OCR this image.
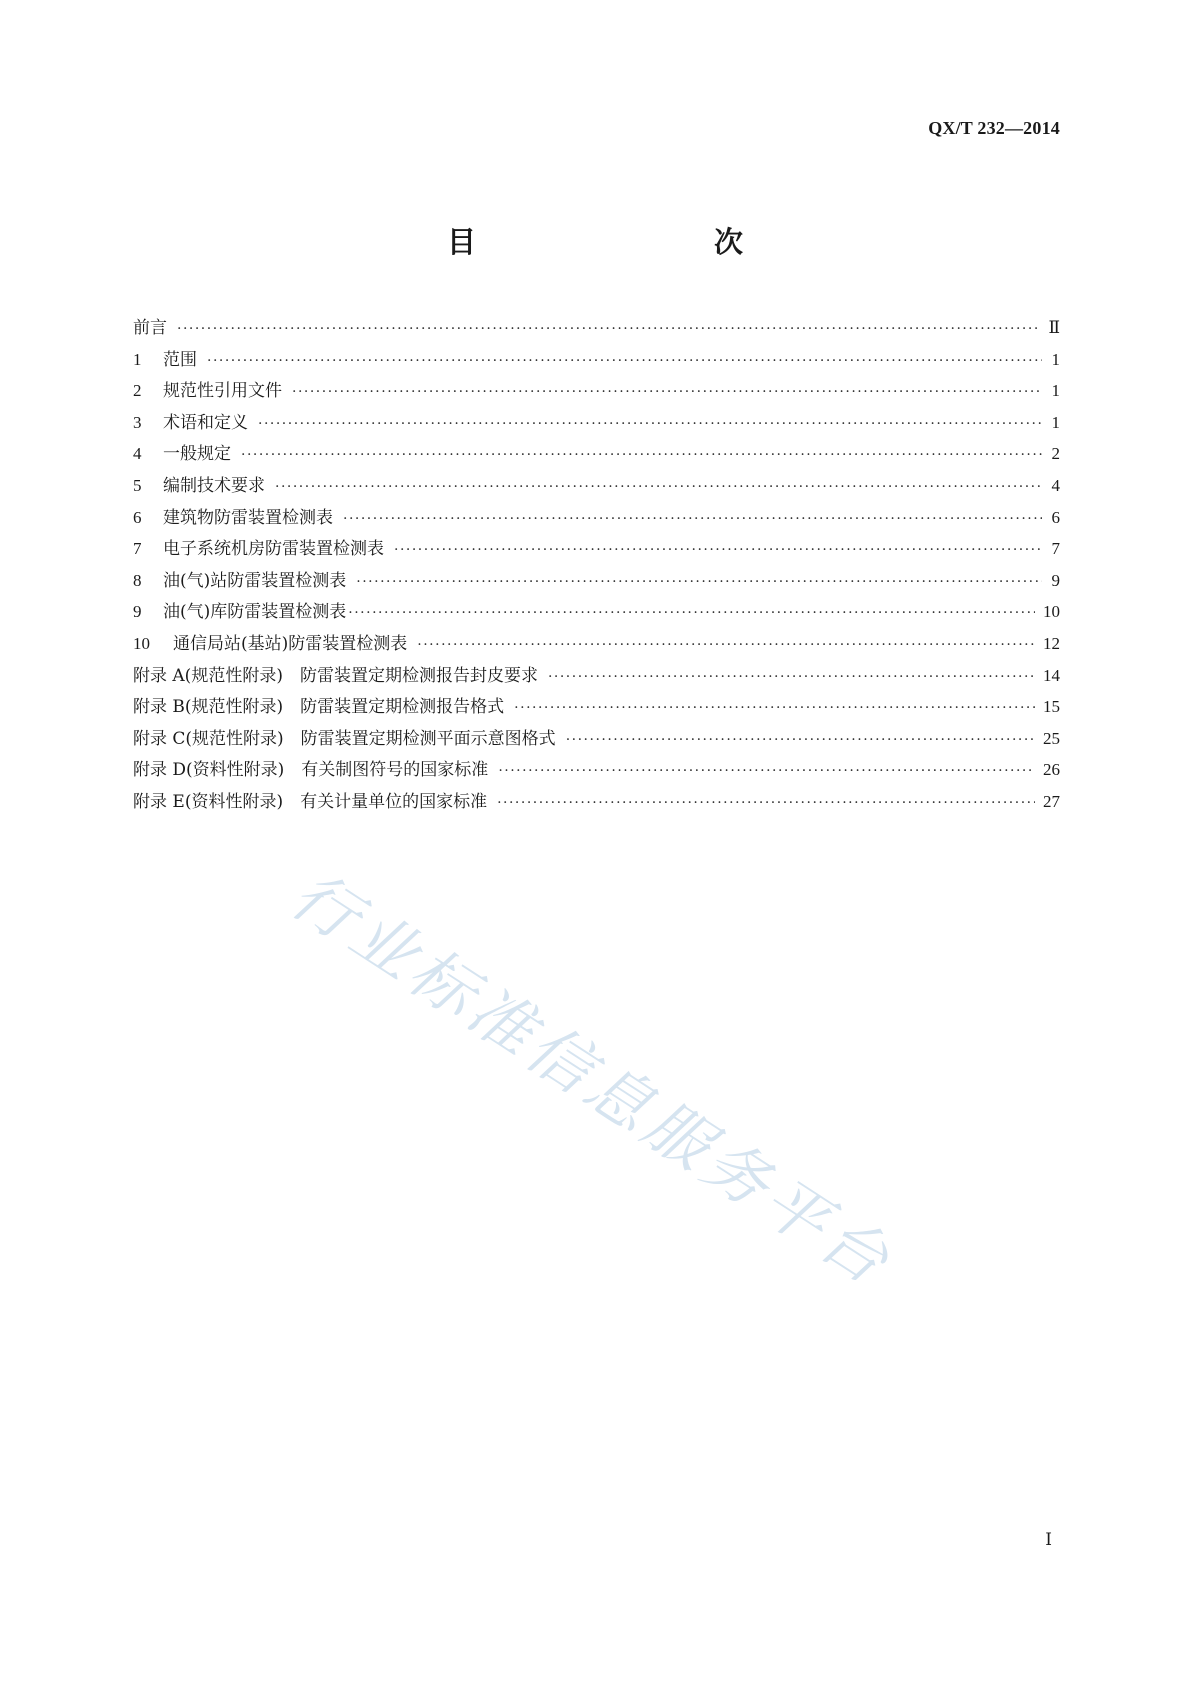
QX/T 232—2014
目　　次
前言 ·····	Ⅱ
1	范围 ·····	1
2	规范性引用文件 ·····	1
3	术语和定义 ·····	1
4	一般规定 ·····	2
5	编制技术要求 ·····	4
6	建筑物防雷装置检测表 ·····	6
7	电子系统机房防雷装置检测表 ·····	7
8	油(气)站防雷装置检测表 ·····	9
9	油(气)库防雷装置检测表 ·····	10
10	通信局站(基站)防雷装置检测表 ·····	12
附录 A(规范性附录)　防雷装置定期检测报告封皮要求 ·····	14
附录 B(规范性附录)　防雷装置定期检测报告格式 ·····	15
附录 C(规范性附录)　防雷装置定期检测平面示意图格式 ·····	25
附录 D(资料性附录)　有关制图符号的国家标准 ·····	26
附录 E(资料性附录)　有关计量单位的国家标准 ·····	27
行业标准信息服务平台
Ⅰ
